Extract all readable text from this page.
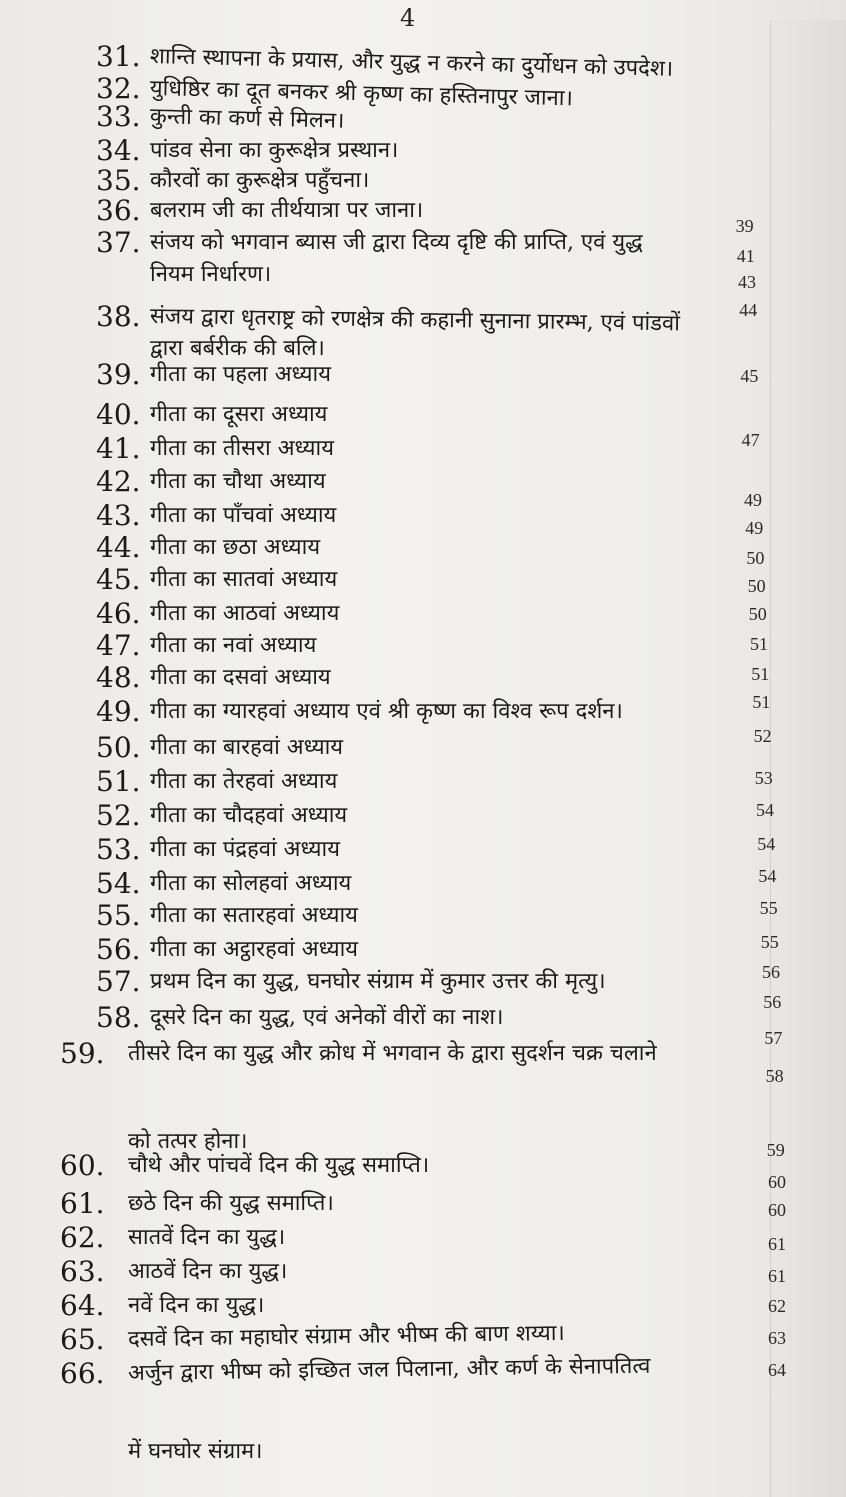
4
31. शान्ति स्थापना के प्रयास, और युद्ध न करने का दुर्योधन को उपदेश।
32. युधिष्ठिर का दूत बनकर श्री कृष्ण का हस्तिनापुर जाना।
33. कुन्ती का कर्ण से मिलन।
34. पांडव सेना का कुरूक्षेत्र प्रस्थान।
39
35. कौरवों का कुरूक्षेत्र पहुँचना।
41
36. बलराम जी का तीर्थयात्रा पर जाना।
43
37. संजय को भगवान ब्यास जी द्वारा दिव्य दृष्टि की प्राप्ति, एवं युद्ध
नियम निर्धारण।
44
38. संजय द्वारा धृतराष्ट्र को रणक्षेत्र की कहानी सुनाना प्रारम्भ, एवं पांडवों
द्वारा बर्बरीक की बलि।
45
39. गीता का पहला अध्याय
47
40. गीता का दूसरा अध्याय
41. गीता का तीसरा अध्याय
49
42. गीता का चौथा अध्याय
49
43. गीता का पाँचवां अध्याय
50
44. गीता का छठा अध्याय
50
45. गीता का सातवां अध्याय
50
46. गीता का आठवां अध्याय
51
47. गीता का नवां अध्याय
51
48. गीता का दसवां अध्याय
51
49. गीता का ग्यारहवां अध्याय एवं श्री कृष्ण का विश्व रूप दर्शन।
52
50. गीता का बारहवां अध्याय
53
51. गीता का तेरहवां अध्याय
54
52. गीता का चौदहवां अध्याय
54
53. गीता का पंद्रहवां अध्याय
54
54. गीता का सोलहवां अध्याय
55
55. गीता का सतारहवां अध्याय
55
56. गीता का अट्ठारहवां अध्याय
56
57. प्रथम दिन का युद्ध, घनघोर संग्राम में कुमार उत्तर की मृत्यु।
56
58. दूसरे दिन का युद्ध, एवं अनेकों वीरों का नाश।
57
59. तीसरे दिन का युद्ध और क्रोध में भगवान के द्वारा सुदर्शन चक्र चलाने
को तत्पर होना।
58
60. चौथे और पांचवें दिन की युद्ध समाप्ति।
59
61. छठे दिन की युद्ध समाप्ति।
60
62. सातवें दिन का युद्ध।
60
63. आठवें दिन का युद्ध।
61
64. नवें दिन का युद्ध।
61
65. दसवें दिन का महाघोर संग्राम और भीष्म की बाण शय्या।
62
66. अर्जुन द्वारा भीष्म को इच्छित जल पिलाना, और कर्ण के सेनापतित्व
में घनघोर संग्राम।
63
64
